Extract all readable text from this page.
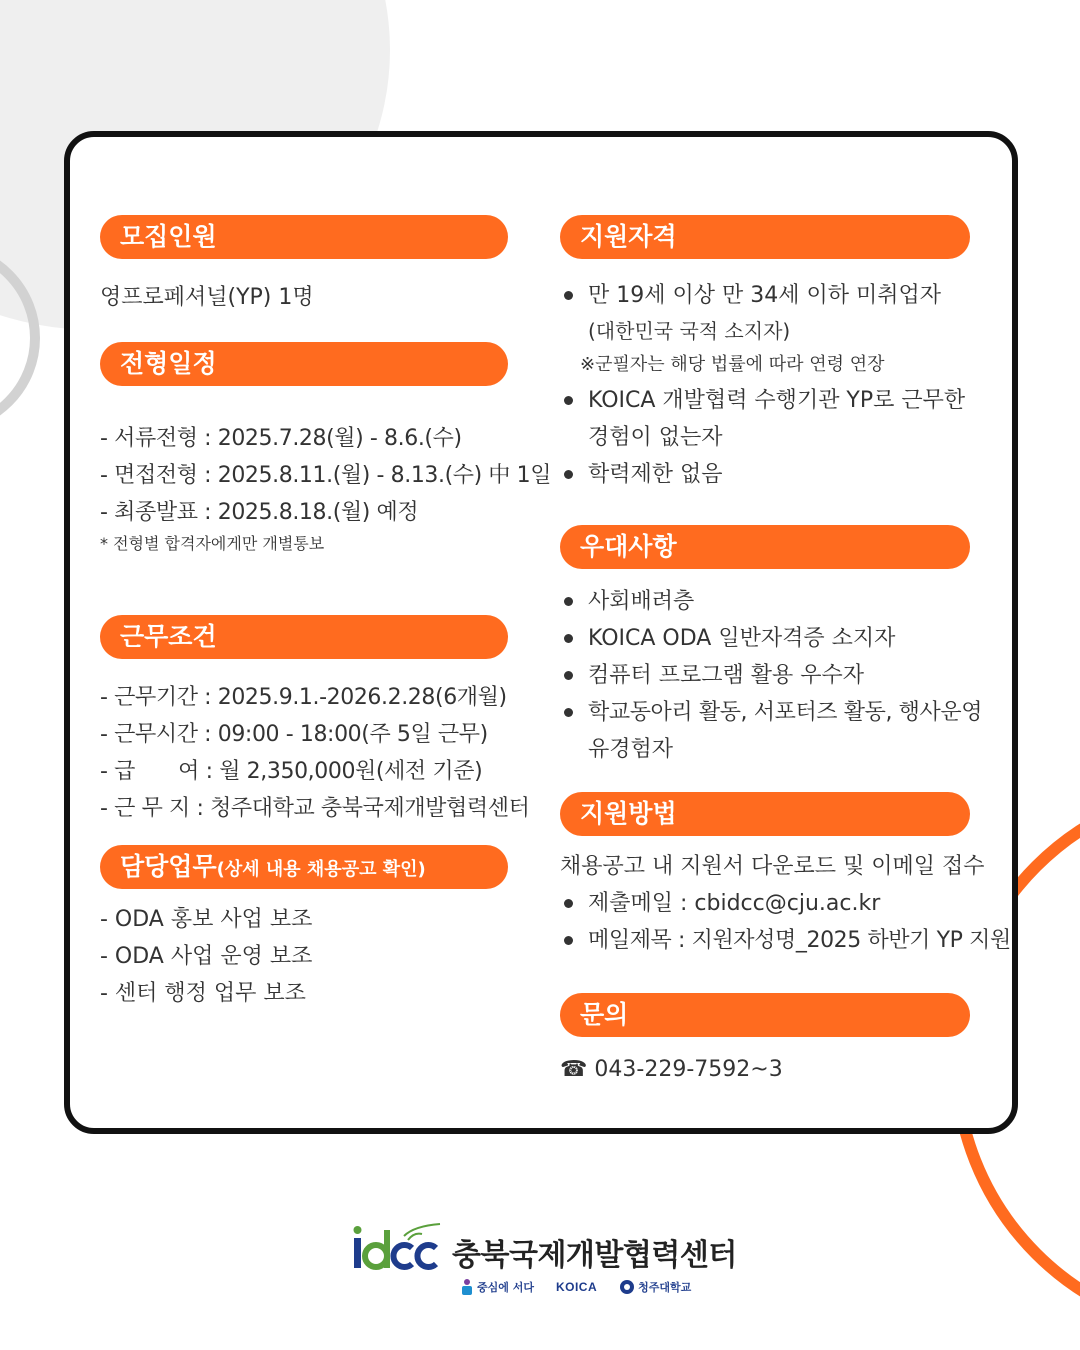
모집인원
영프로페셔널(YP) 1명
전형일정
- 서류전형 : 2025.7.28(월) - 8.6.(수)
- 면접전형 : 2025.8.11.(월) - 8.13.(수) 中 1일
- 최종발표 : 2025.8.18.(월) 예정
* 전형별 합격자에게만 개별통보
근무조건
- 근무기간 : 2025.9.1.-2026.2.28(6개월)
- 근무시간 : 09:00 - 18:00(주 5일 근무)
- 급　　여 : 월 2,350,000원(세전 기준)
- 근 무 지 : 청주대학교 충북국제개발협력센터
담당업무(상세 내용 채용공고 확인)
- ODA 홍보 사업 보조
- ODA 사업 운영 보조
- 센터 행정 업무 보조
지원자격
만 19세 이상 만 34세 이하 미취업자
(대한민국 국적 소지자)
※군필자는 해당 법률에 따라 연령 연장
KOICA 개발협력 수행기관 YP로 근무한
경험이 없는자
학력제한 없음
우대사항
사회배려층
KOICA ODA 일반자격증 소지자
컴퓨터 프로그램 활용 우수자
학교동아리 활동, 서포터즈 활동, 행사운영
유경험자
지원방법
채용공고 내 지원서 다운로드 및 이메일 접수
제출메일 : cbidcc@cju.ac.kr
메일제목 : 지원자성명_2025 하반기 YP 지원
문의
☎ 043-229-7592~3
충북국제개발협력센터
중심에 서다 KOICA	청주대학교
